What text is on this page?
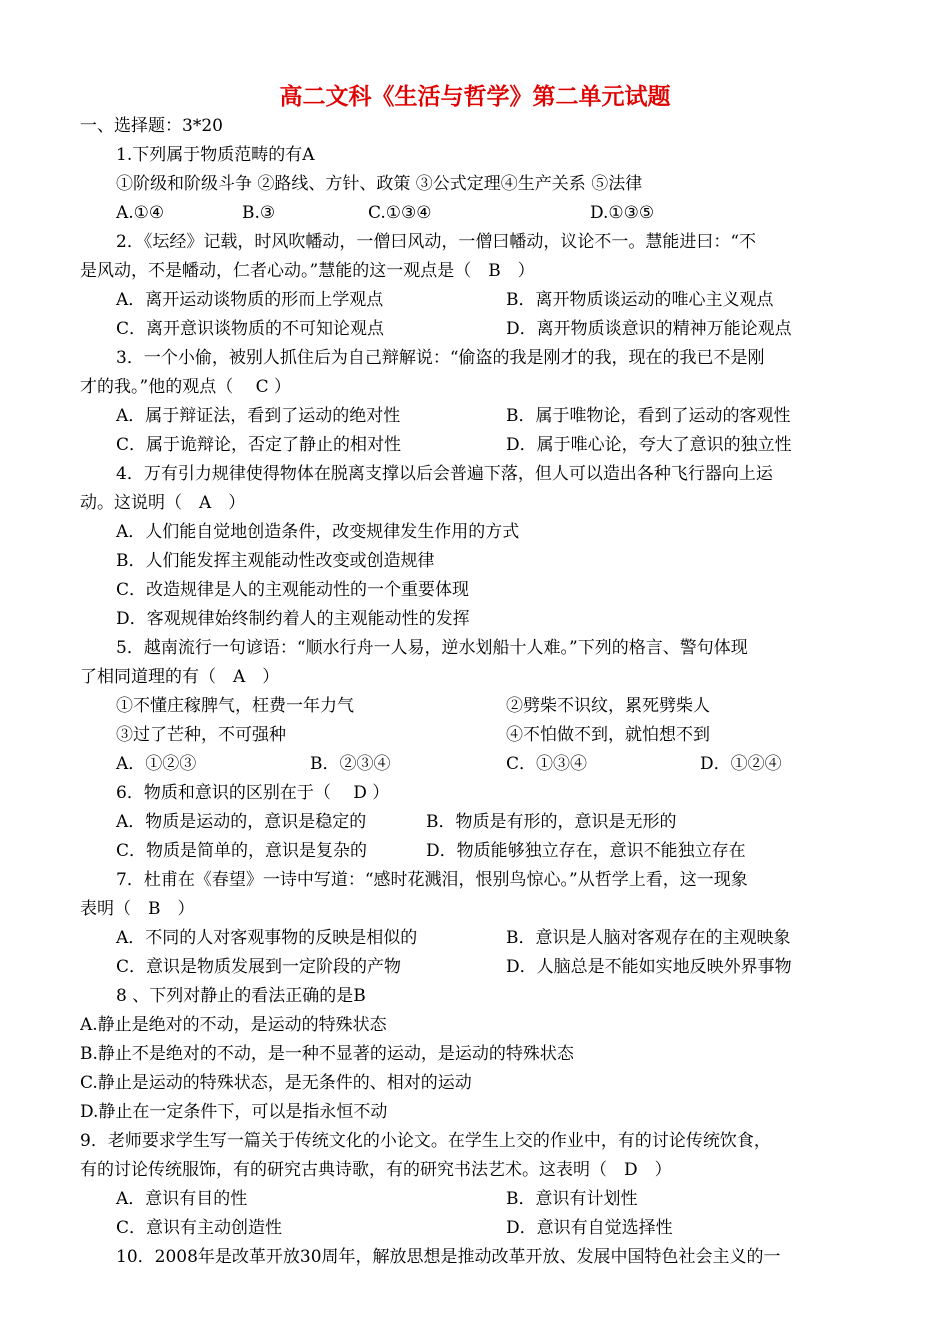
高二文科《生活与哲学》第二单元试题
一、选择题：3*20
1.下列属于物质范畴的有A
①阶级和阶级斗争 ②路线、方针、政策 ③公式定理④生产关系 ⑤法律
A.①④	B.③	C.①③④	D.①③⑤
2．《坛经》记载，时风吹幡动，一僧曰风动，一僧曰幡动，议论不一。慧能进曰：“不
是风动，不是幡动，仁者心动。”慧能的这一观点是（　B　）
A．离开运动谈物质的形而上学观点	B．离开物质谈运动的唯心主义观点
C．离开意识谈物质的不可知论观点	D．离开物质谈意识的精神万能论观点
3．一个小偷，被别人抓住后为自己辩解说：“偷盗的我是刚才的我，现在的我已不是刚
才的我。”他的观点（　 C ）
A．属于辩证法，看到了运动的绝对性	B．属于唯物论，看到了运动的客观性
C．属于诡辩论，否定了静止的相对性	D．属于唯心论，夸大了意识的独立性
4．万有引力规律使得物体在脱离支撑以后会普遍下落，但人可以造出各种飞行器向上运
动。这说明（　A　）
A．人们能自觉地创造条件，改变规律发生作用的方式
B．人们能发挥主观能动性改变或创造规律
C．改造规律是人的主观能动性的一个重要体现
D．客观规律始终制约着人的主观能动性的发挥
5．越南流行一句谚语：“顺水行舟一人易，逆水划船十人难。”下列的格言、警句体现
了相同道理的有（　A　）
①不懂庄稼脾气，枉费一年力气	②劈柴不识纹，累死劈柴人
③过了芒种，不可强种	④不怕做不到，就怕想不到
A．①②③	B．②③④	C．①③④	D．①②④
6．物质和意识的区别在于（　 D ）
A．物质是运动的，意识是稳定的	B．物质是有形的，意识是无形的
C．物质是简单的，意识是复杂的	D．物质能够独立存在，意识不能独立存在
7．杜甫在《春望》一诗中写道：“感时花溅泪，恨别鸟惊心。”从哲学上看，这一现象
表明（　B　）
A．不同的人对客观事物的反映是相似的	B．意识是人脑对客观存在的主观映象
C．意识是物质发展到一定阶段的产物	D．人脑总是不能如实地反映外界事物
8 、下列对静止的看法正确的是B
A.静止是绝对的不动，是运动的特殊状态
B.静止不是绝对的不动，是一种不显著的运动，是运动的特殊状态
C.静止是运动的特殊状态，是无条件的、相对的运动
D.静止在一定条件下，可以是指永恒不动
9．老师要求学生写一篇关于传统文化的小论文。在学生上交的作业中，有的讨论传统饮食，
有的讨论传统服饰，有的研究古典诗歌，有的研究书法艺术。这表明（　D　）
A．意识有目的性	B．意识有计划性
C．意识有主动创造性	D．意识有自觉选择性
10．2008年是改革开放30周年，解放思想是推动改革开放、发展中国特色社会主义的一
